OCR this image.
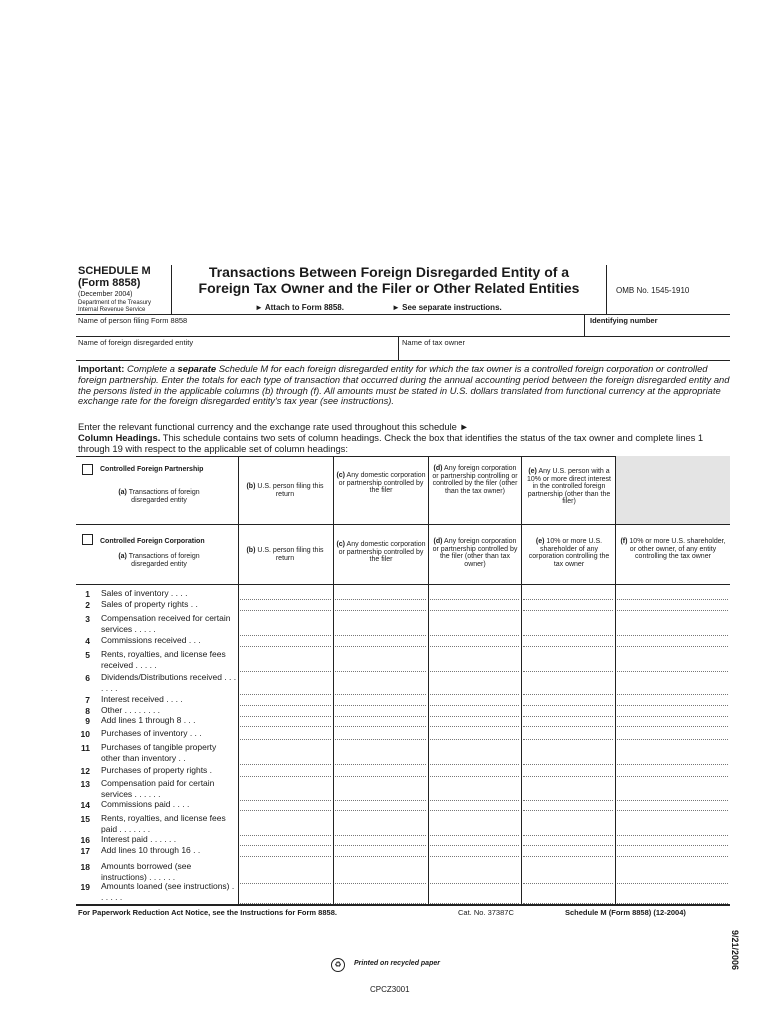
SCHEDULE M
(Form 8858)
(December 2004)
Department of the Treasury
Internal Revenue Service
Transactions Between Foreign Disregarded Entity of a
Foreign Tax Owner and the Filer or Other Related Entities
► Attach to Form 8858.	► See separate instructions.
OMB No. 1545-1910
Name of person filing Form 8858	Identifying number
Name of foreign disregarded entity	Name of tax owner
Important: Complete a separate Schedule M for each foreign disregarded entity for which the tax owner is a controlled foreign corporation or controlled foreign partnership. Enter the totals for each type of transaction that occurred during the annual accounting period between the foreign disregarded entity and the persons listed in the applicable columns (b) through (f). All amounts must be stated in U.S. dollars translated from functional currency at the appropriate exchange rate for the foreign disregarded entity's tax year (see instructions).
Enter the relevant functional currency and the exchange rate used throughout this schedule ►
Column Headings. This schedule contains two sets of column headings. Check the box that identifies the status of the tax owner and complete lines 1 through 19 with respect to the applicable set of column headings:
Controlled Foreign Partnership
(a) Transactions of foreign disregarded entity
(b) U.S. person filing this return
(c) Any domestic corporation or partnership controlled by the filer
(d) Any foreign corporation or partnership controlling or controlled by the filer (other than the tax owner)
(e) Any U.S. person with a 10% or more direct interest in the controlled foreign partnership (other than the filer)
Controlled Foreign Corporation
(a) Transactions of foreign disregarded entity
(b) U.S. person filing this return
(c) Any domestic corporation or partnership controlled by the filer
(d) Any foreign corporation or partnership controlled by the filer (other than tax owner)
(e) 10% or more U.S. shareholder of any corporation controlling the tax owner
(f) 10% or more U.S. shareholder, or other owner, of any entity controlling the tax owner
1 Sales of inventory . . . .
2 Sales of property rights . .
3 Compensation received for certain services . . . . .
4 Commissions received . . .
5 Rents, royalties, and license fees received . . . . .
6 Dividends/Distributions received . . . . . . .
7 Interest received . . . .
8 Other . . . . . . . .
9 Add lines 1 through 8 . . .
10 Purchases of inventory . . .
11 Purchases of tangible property other than inventory . .
12 Purchases of property rights .
13 Compensation paid for certain services . . . . . .
14 Commissions paid . . . .
15 Rents, royalties, and license fees paid . . . . . . .
16 Interest paid . . . . . .
17 Add lines 10 through 16 . .
18 Amounts borrowed (see instructions) . . . . . .
19 Amounts loaned (see instructions) . . . . . .
For Paperwork Reduction Act Notice, see the Instructions for Form 8858.	Cat. No. 37387C	Schedule M (Form 8858) (12-2004)
♻	Printed on recycled paper
CPCZ3001
9/21/2006
